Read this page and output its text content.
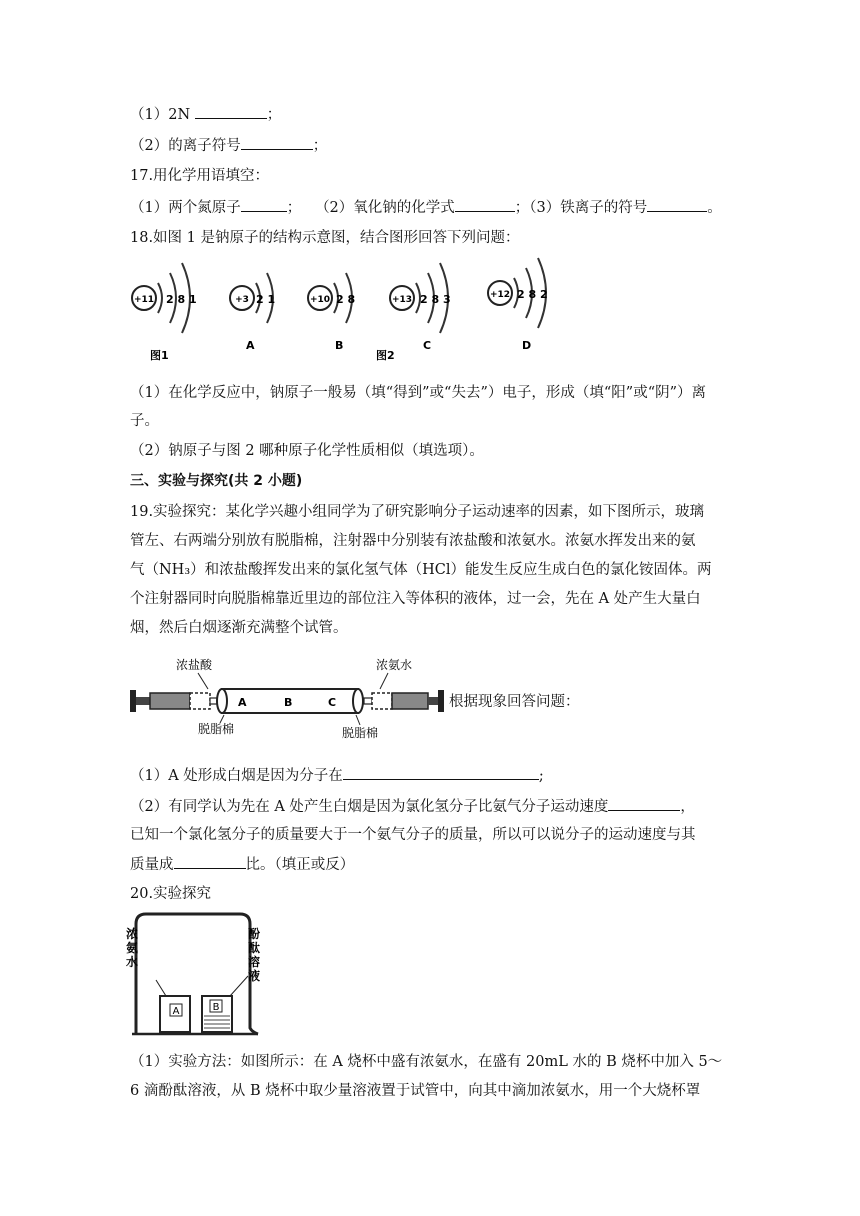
（1）2N	；
（2）的离子符号	；
17.用化学用语填空：
（1）两个氮原子	； （2）氧化钠的化学式	；（3）铁离子的符号	。
18.如图 1 是钠原子的结构示意图，结合图形回答下列问题：
+11 2 8 1
图1
+3 2 1
A
+10 2 8
B
+13 2 8 3
图2
C
+12 2 8 2
D
（1）在化学反应中，钠原子一般易（填“得到”或“失去”）电子，形成（填“阳”或“阴”）离
子。
（2）钠原子与图 2 哪种原子化学性质相似（填选项）。
三、实验与探究(共 2 小题)
19.实验探究：某化学兴趣小组同学为了研究影响分子运动速率的因素，如下图所示，玻璃
管左、右两端分别放有脱脂棉，注射器中分别装有浓盐酸和浓氨水。浓氨水挥发出来的氨
气（NH₃）和浓盐酸挥发出来的氯化氢气体（HCl）能发生反应生成白色的氯化铵固体。两
个注射器同时向脱脂棉靠近里边的部位注入等体积的液体，过一会，先在 A 处产生大量白
烟，然后白烟逐渐充满整个试管。
浓盐酸	浓氨水
A	B	C
脱脂棉	脱脂棉
根据现象回答问题：
（1）A 处形成白烟是因为分子在	;
（2）有同学认为先在 A 处产生白烟是因为氯化氢分子比氨气分子运动速度	，
已知一个氯化氢分子的质量要大于一个氨气分子的质量，所以可以说分子的运动速度与其
质量成	比。（填正或反）
20.实验探究
浓氨水
酚酞溶液
A	B
（1）实验方法：如图所示：在 A 烧杯中盛有浓氨水，在盛有 20mL 水的 B 烧杯中加入 5～
6 滴酚酞溶液，从 B 烧杯中取少量溶液置于试管中，向其中滴加浓氨水，用一个大烧杯罩
